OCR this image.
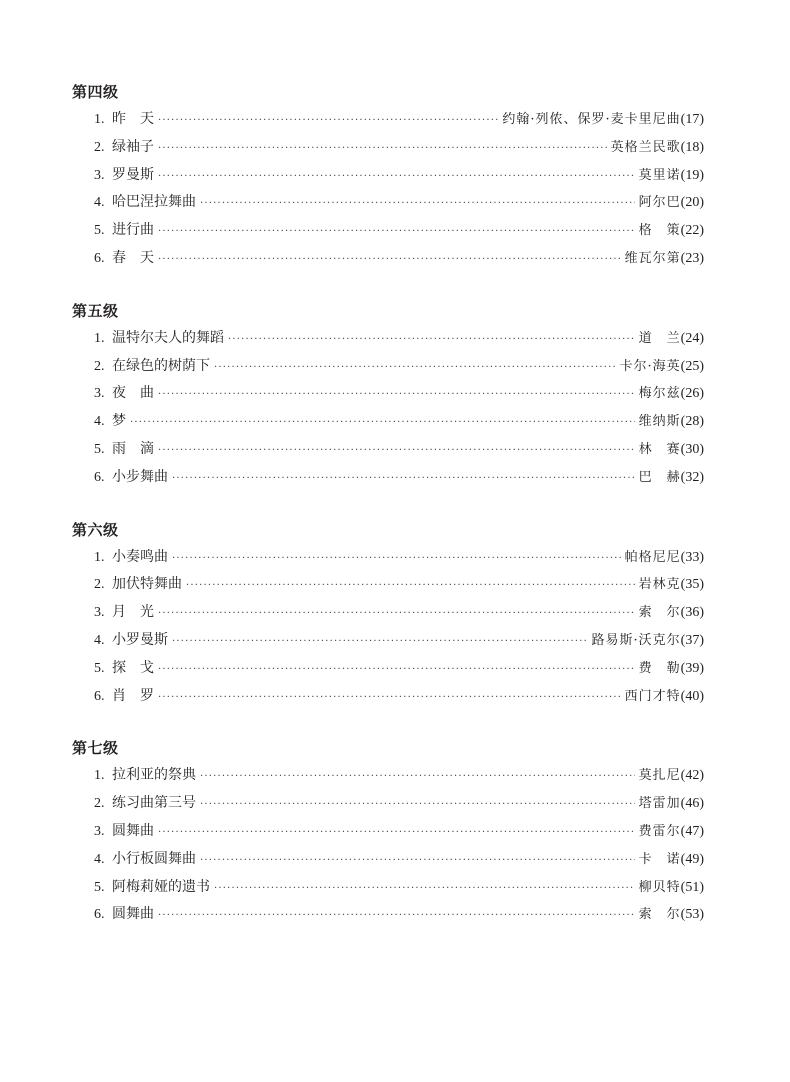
第四级
1. 昨　天 ·····	约翰·列侬、保罗·麦卡里尼曲 (17)
2. 绿袖子 ·····	英格兰民歌 (18)
3. 罗曼斯 ·····	莫里诺 (19)
4. 哈巴涅拉舞曲 ·····	阿尔巴 (20)
5. 进行曲 ·····	格　策 (22)
6. 春　天 ·····	维瓦尔第 (23)
第五级
1. 温特尔夫人的舞蹈 ·····	道　兰 (24)
2. 在绿色的树荫下 ·····	卡尔·海英 (25)
3. 夜　曲 ·····	梅尔兹 (26)
4. 梦 ·····	维纳斯 (28)
5. 雨　滴 ·····	林　赛 (30)
6. 小步舞曲 ·····	巴　赫 (32)
第六级
1. 小奏鸣曲 ·····	帕格尼尼 (33)
2. 加伏特舞曲 ·····	岩林克 (35)
3. 月　光 ·····	索　尔 (36)
4. 小罗曼斯 ·····	路易斯·沃克尔 (37)
5. 探　戈 ·····	费　勒 (39)
6. 肖　罗 ·····	西门才特 (40)
第七级
1. 拉利亚的祭典 ·····	莫扎尼 (42)
2. 练习曲第三号 ·····	塔雷加 (46)
3. 圆舞曲 ·····	费雷尔 (47)
4. 小行板圆舞曲 ·····	卡　诺 (49)
5. 阿梅莉娅的遗书 ·····	柳贝特 (51)
6. 圆舞曲 ·····	索　尔 (53)
